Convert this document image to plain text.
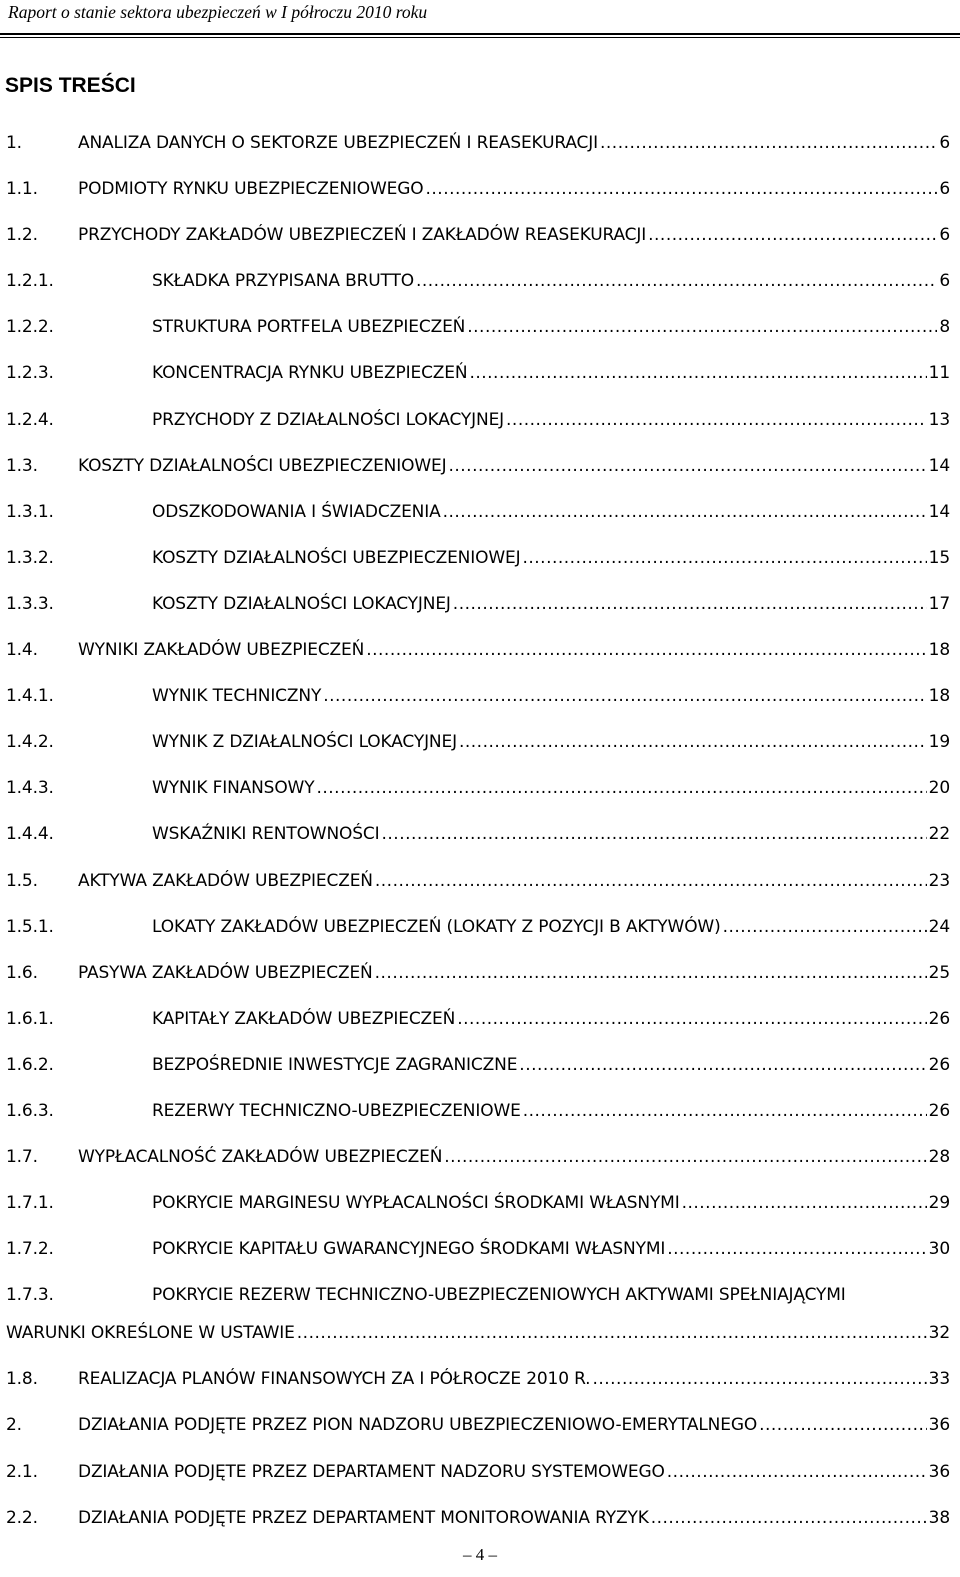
Raport o stanie sektora ubezpieczeń w I półroczu 2010 roku
SPIS TREŚCI
1.	ANALIZA DANYCH O SEKTORZE UBEZPIECZEŃ I REASEKURACJI .....	6
1.1. PODMIOTY RYNKU UBEZPIECZENIOWEGO .....	6
1.2. PRZYCHODY ZAKŁADÓW UBEZPIECZEŃ I ZAKŁADÓW REASEKURACJI .....	6
1.2.1.	SKŁADKA PRZYPISANA BRUTTO .....	6
1.2.2.	STRUKTURA PORTFELA UBEZPIECZEŃ .....	8
1.2.3.	KONCENTRACJA RYNKU UBEZPIECZEŃ .....	11
1.2.4.	PRZYCHODY Z DZIAŁALNOŚCI LOKACYJNEJ .....	13
1.3. KOSZTY DZIAŁALNOŚCI UBEZPIECZENIOWEJ .....	14
1.3.1.	ODSZKODOWANIA I ŚWIADCZENIA .....	14
1.3.2.	KOSZTY DZIAŁALNOŚCI UBEZPIECZENIOWEJ .....	15
1.3.3.	KOSZTY DZIAŁALNOŚCI LOKACYJNEJ .....	17
1.4. WYNIKI ZAKŁADÓW UBEZPIECZEŃ .....	18
1.4.1.	WYNIK TECHNICZNY .....	18
1.4.2.	WYNIK Z DZIAŁALNOŚCI LOKACYJNEJ .....	19
1.4.3.	WYNIK FINANSOWY .....	20
1.4.4.	WSKAŹNIKI RENTOWNOŚCI .....	22
1.5. AKTYWA ZAKŁADÓW UBEZPIECZEŃ .....	23
1.5.1.	LOKATY ZAKŁADÓW UBEZPIECZEŃ (LOKATY Z POZYCJI B AKTYWÓW) .....	24
1.6. PASYWA ZAKŁADÓW UBEZPIECZEŃ .....	25
1.6.1.	KAPITAŁY ZAKŁADÓW UBEZPIECZEŃ .....	26
1.6.2.	BEZPOŚREDNIE INWESTYCJE ZAGRANICZNE .....	26
1.6.3.	REZERWY TECHNICZNO-UBEZPIECZENIOWE .....	26
1.7. WYPŁACALNOŚĆ ZAKŁADÓW UBEZPIECZEŃ .....	28
1.7.1.	POKRYCIE MARGINESU WYPŁACALNOŚCI ŚRODKAMI WŁASNYMI .....	29
1.7.2.	POKRYCIE KAPITAŁU GWARANCYJNEGO ŚRODKAMI WŁASNYMI .....	30
1.7.3.	POKRYCIE REZERW TECHNICZNO-UBEZPIECZENIOWYCH AKTYWAMI SPEŁNIAJĄCYMI
WARUNKI OKREŚLONE W USTAWIE .....	32
1.8. REALIZACJA PLANÓW FINANSOWYCH ZA I PÓŁROCZE 2010 R. .....	33
2.	DZIAŁANIA PODJĘTE PRZEZ PION NADZORU UBEZPIECZENIOWO-EMERYTALNEGO .....	36
2.1. DZIAŁANIA PODJĘTE PRZEZ DEPARTAMENT NADZORU SYSTEMOWEGO .....	36
2.2. DZIAŁANIA PODJĘTE PRZEZ DEPARTAMENT MONITOROWANIA RYZYK .....	38
– 4 –
